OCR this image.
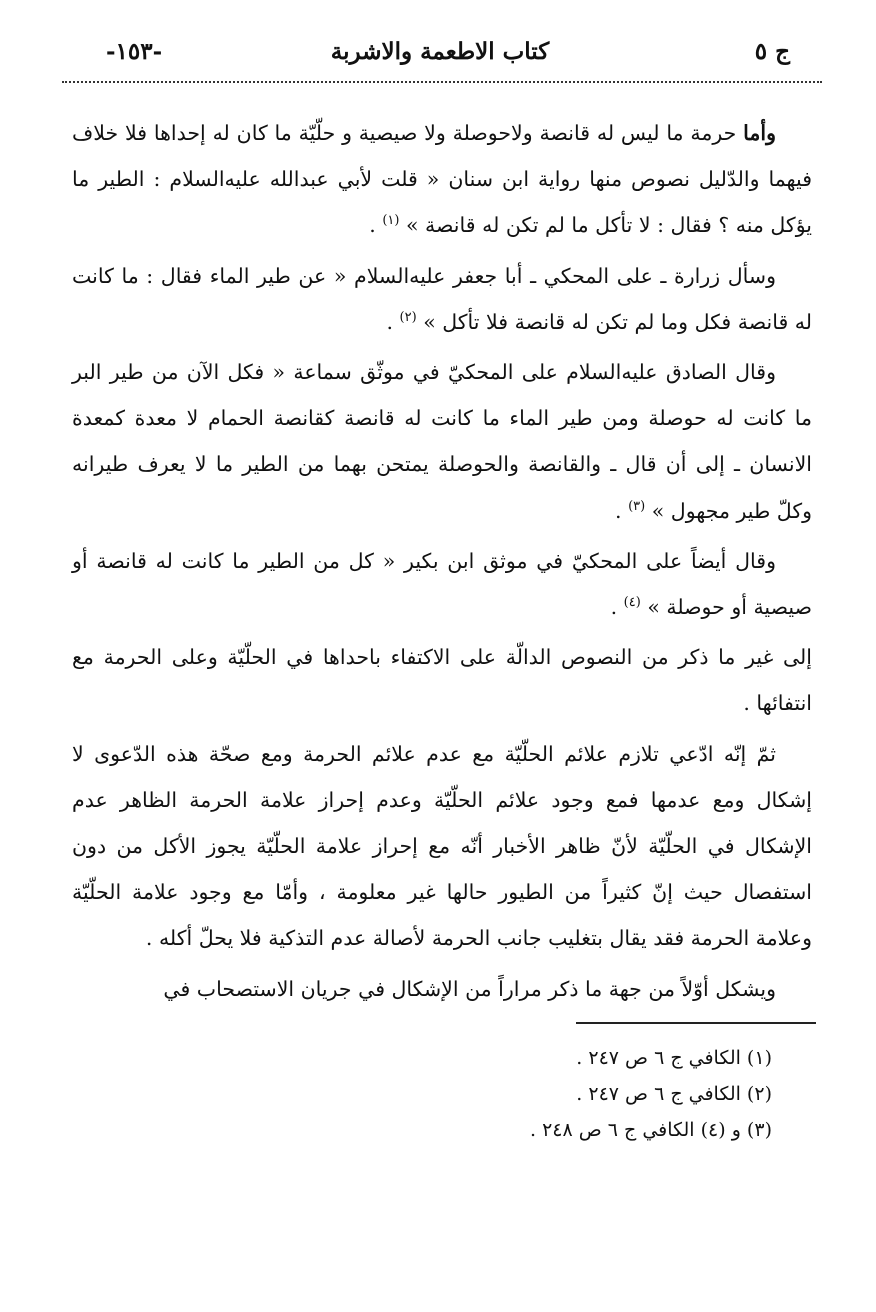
ج ٥
كتاب الاطعمة والاشربة
-١٥٣-

وأما حرمة ما ليس له قانصة ولاحوصلة ولا صيصية و حلّيّة ما كان له إحداها فلا خلاف فيهما والدّليل نصوص منها رواية ابن سنان « قلت لأبي عبدالله عليه‌السلام : الطير ما يؤكل منه ؟ فقال : لا تأكل ما لم تكن له قانصة » $^{(١)}$ .

وسأل زرارة ـ على المحكي ـ أبا جعفر عليه‌السلام « عن طير الماء فقال : ما كانت له قانصة فكل وما لم تكن له قانصة فلا تأكل » $^{(٢)}$ .

وقال الصادق عليه‌السلام على المحكيّ في موثّق سماعة « فكل الآن من طير البر ما كانت له حوصلة ومن طير الماء ما كانت له قانصة كقانصة الحمام لا معدة كمعدة الانسان ـ إلى أن قال ـ والقانصة والحوصلة يمتحن بهما من الطير ما لا يعرف طيرانه وكلّ طير مجهول » $^{(٣)}$ .

وقال أيضاً على المحكيّ في موثق ابن بكير « كل من الطير ما كانت له قانصة أو صيصية أو حوصلة » $^{(٤)}$ .

إلى غير ما ذكر من النصوص الدالّة على الاكتفاء باحداها في الحلّيّة وعلى الحرمة مع انتفائها .

ثمّ إنّه ادّعي تلازم علائم الحلّيّة مع عدم علائم الحرمة ومع صحّة هذه الدّعوى لا إشكال ومع عدمها فمع وجود علائم الحلّيّة وعدم إحراز علامة الحرمة الظاهر عدم الإشكال في الحلّيّة لأنّ ظاهر الأخبار أنّه مع إحراز علامة الحلّيّة يجوز الأكل من دون استفصال حيث إنّ كثيراً من الطيور حالها غير معلومة ، وأمّا مع وجود علامة الحلّيّة وعلامة الحرمة فقد يقال بتغليب جانب الحرمة لأصالة عدم التذكية فلا يحلّ أكله .

ويشكل أوّلاً من جهة ما ذكر مراراً من الإشكال في جريان الاستصحاب في

(١) الكافي ج ٦ ص ٢٤٧ .
(٢) الكافي ج ٦ ص ٢٤٧ .
(٣) و (٤) الكافي ج ٦ ص ٢٤٨ .
